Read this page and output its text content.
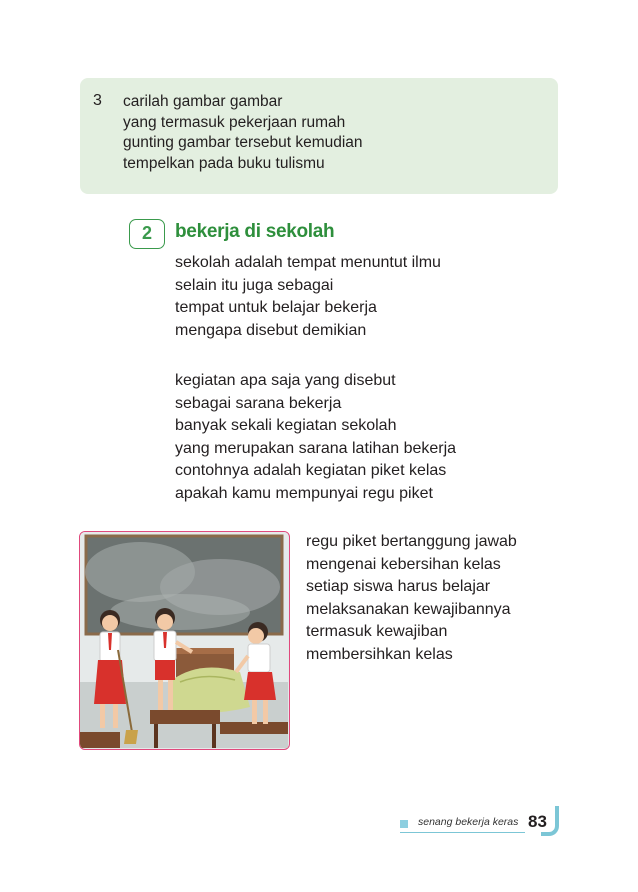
3 carilah gambar gambar
yang termasuk pekerjaan rumah
gunting gambar tersebut kemudian
tempelkan pada buku tulismu
2	bekerja di sekolah
sekolah adalah tempat menuntut ilmu
selain itu juga sebagai
tempat untuk belajar bekerja
mengapa disebut demikian
kegiatan apa saja yang disebut
sebagai sarana bekerja
banyak sekali kegiatan sekolah
yang merupakan sarana latihan bekerja
contohnya adalah kegiatan piket kelas
apakah kamu mempunyai regu piket
regu piket bertanggung jawab
mengenai kebersihan kelas
setiap siswa harus belajar
melaksanakan kewajibannya
termasuk kewajiban
membersihkan kelas
senang bekerja keras 83
